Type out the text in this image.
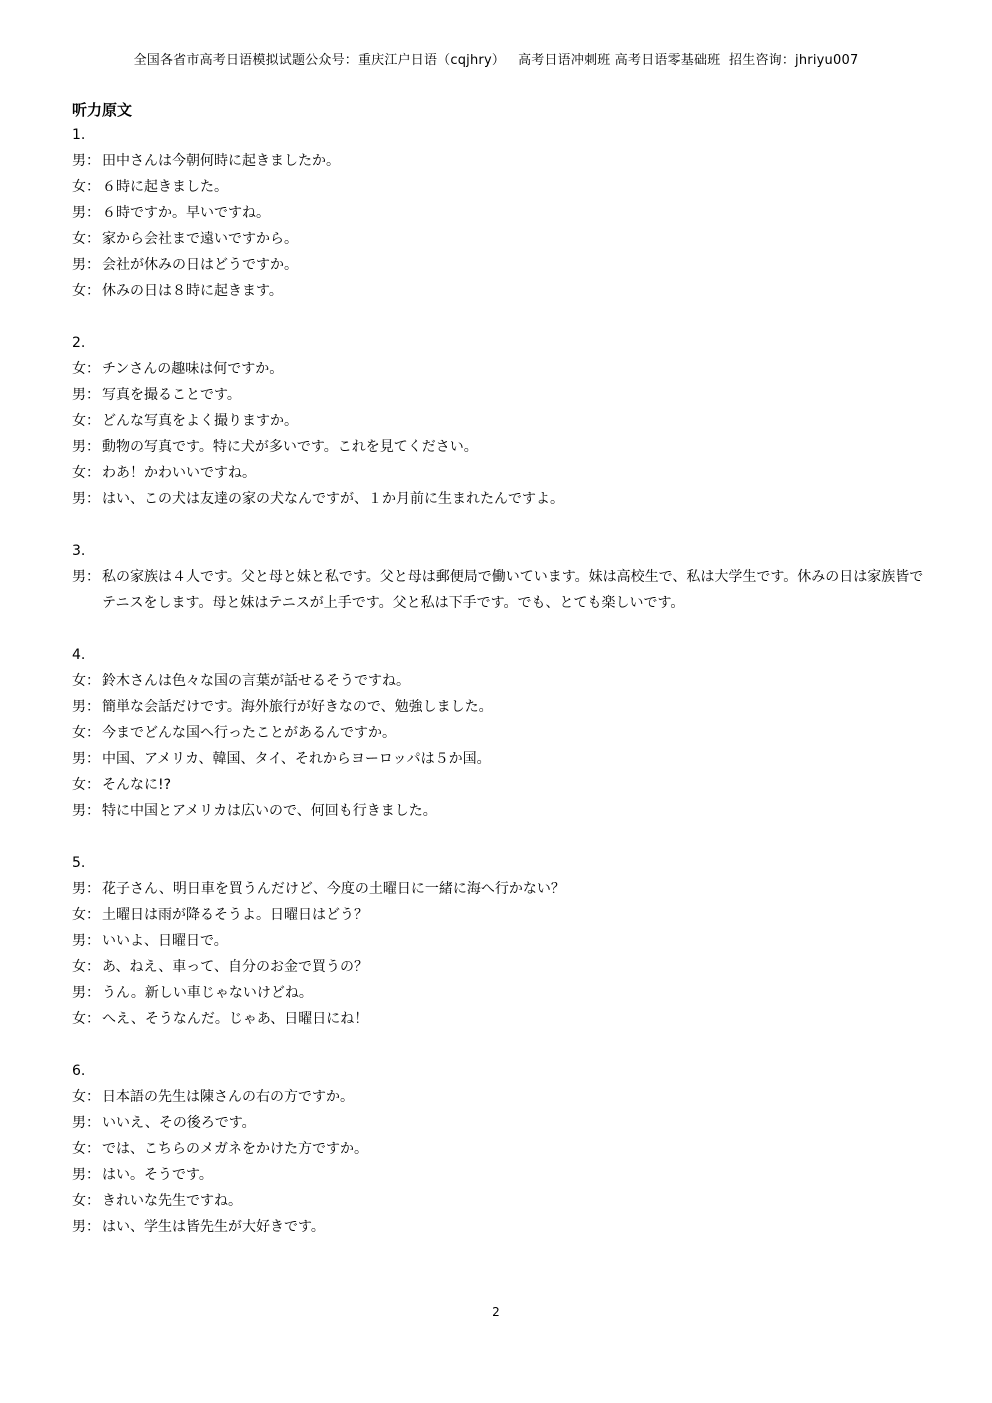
全国各省市高考日语模拟试题公众号：重庆江户日语（cqjhry）   高考日语冲刺班 高考日语零基础班  招生咨询：jhriyu007
听力原文
1.
男： 田中さんは今朝何時に起きましたか。
女： ６時に起きました。
男： ６時ですか。早いですね。
女： 家から会社まで遠いですから。
男： 会社が休みの日はどうですか。
女： 休みの日は８時に起きます。
2.
女： チンさんの趣味は何ですか。
男： 写真を撮ることです。
女： どんな写真をよく撮りますか。
男： 動物の写真です。特に犬が多いです。これを見てください。
女： わあ！かわいいですね。
男： はい、この犬は友達の家の犬なんですが、１か月前に生まれたんですよ。
3.
男： 私の家族は４人です。父と母と妹と私です。父と母は郵便局で働いています。妹は高校生で、私は大学生です。休みの日は家族皆でテニスをします。母と妹はテニスが上手です。父と私は下手です。でも、とても楽しいです。
4.
女： 鈴木さんは色々な国の言葉が話せるそうですね。
男： 簡単な会話だけです。海外旅行が好きなので、勉強しました。
女： 今までどんな国へ行ったことがあるんですか。
男： 中国、アメリカ、韓国、タイ、それからヨーロッパは５か国。
女： そんなに!?
男： 特に中国とアメリカは広いので、何回も行きました。
5.
男： 花子さん、明日車を買うんだけど、今度の土曜日に一緒に海へ行かない？
女： 土曜日は雨が降るそうよ。日曜日はどう？
男： いいよ、日曜日で。
女： あ、ねえ、車って、自分のお金で買うの？
男： うん。新しい車じゃないけどね。
女： へえ、そうなんだ。じゃあ、日曜日にね！
6.
女： 日本語の先生は陳さんの右の方ですか。
男： いいえ、その後ろです。
女： では、こちらのメガネをかけた方ですか。
男： はい。そうです。
女： きれいな先生ですね。
男： はい、学生は皆先生が大好きです。
2
